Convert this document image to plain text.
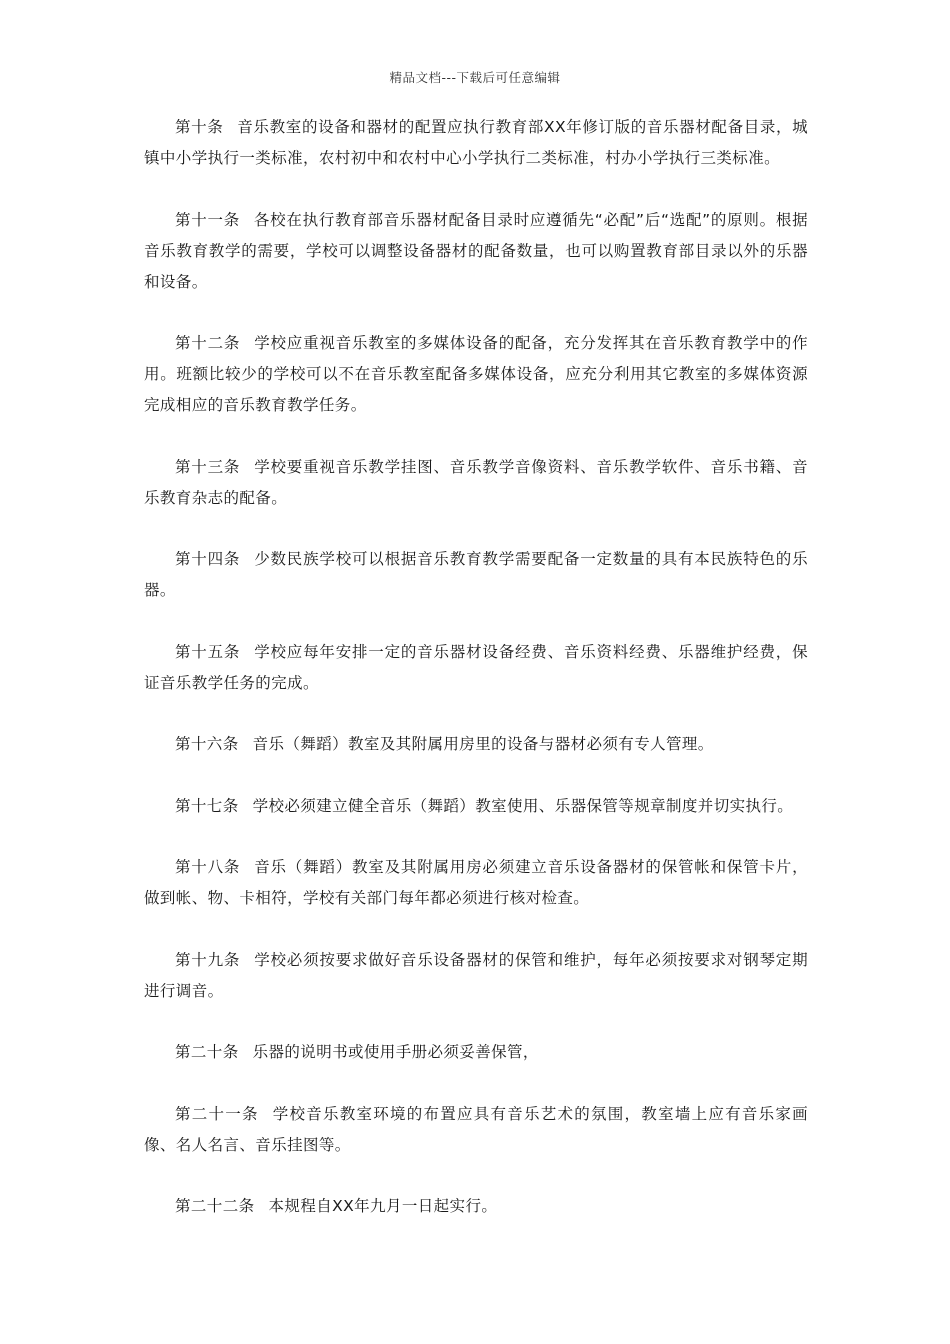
精品文档---下载后可任意编辑

第十条 音乐教室的设备和器材的配置应执行教育部XX年修订版的音乐器材配备目录，城镇中小学执行一类标准，农村初中和农村中心小学执行二类标准，村办小学执行三类标准。

第十一条 各校在执行教育部音乐器材配备目录时应遵循先“必配”后“选配”的原则。根据音乐教育教学的需要，学校可以调整设备器材的配备数量，也可以购置教育部目录以外的乐器和设备。

第十二条 学校应重视音乐教室的多媒体设备的配备，充分发挥其在音乐教育教学中的作用。班额比较少的学校可以不在音乐教室配备多媒体设备，应充分利用其它教室的多媒体资源完成相应的音乐教育教学任务。

第十三条 学校要重视音乐教学挂图、音乐教学音像资料、音乐教学软件、音乐书籍、音乐教育杂志的配备。

第十四条 少数民族学校可以根据音乐教育教学需要配备一定数量的具有本民族特色的乐器。

第十五条 学校应每年安排一定的音乐器材设备经费、音乐资料经费、乐器维护经费，保证音乐教学任务的完成。

第十六条 音乐（舞蹈）教室及其附属用房里的设备与器材必须有专人管理。

第十七条 学校必须建立健全音乐（舞蹈）教室使用、乐器保管等规章制度并切实执行。

第十八条 音乐（舞蹈）教室及其附属用房必须建立音乐设备器材的保管帐和保管卡片，做到帐、物、卡相符，学校有关部门每年都必须进行核对检查。

第十九条 学校必须按要求做好音乐设备器材的保管和维护，每年必须按要求对钢琴定期进行调音。

第二十条 乐器的说明书或使用手册必须妥善保管，

第二十一条 学校音乐教室环境的布置应具有音乐艺术的氛围，教室墙上应有音乐家画像、名人名言、音乐挂图等。

第二十二条 本规程自XX年九月一日起实行。
